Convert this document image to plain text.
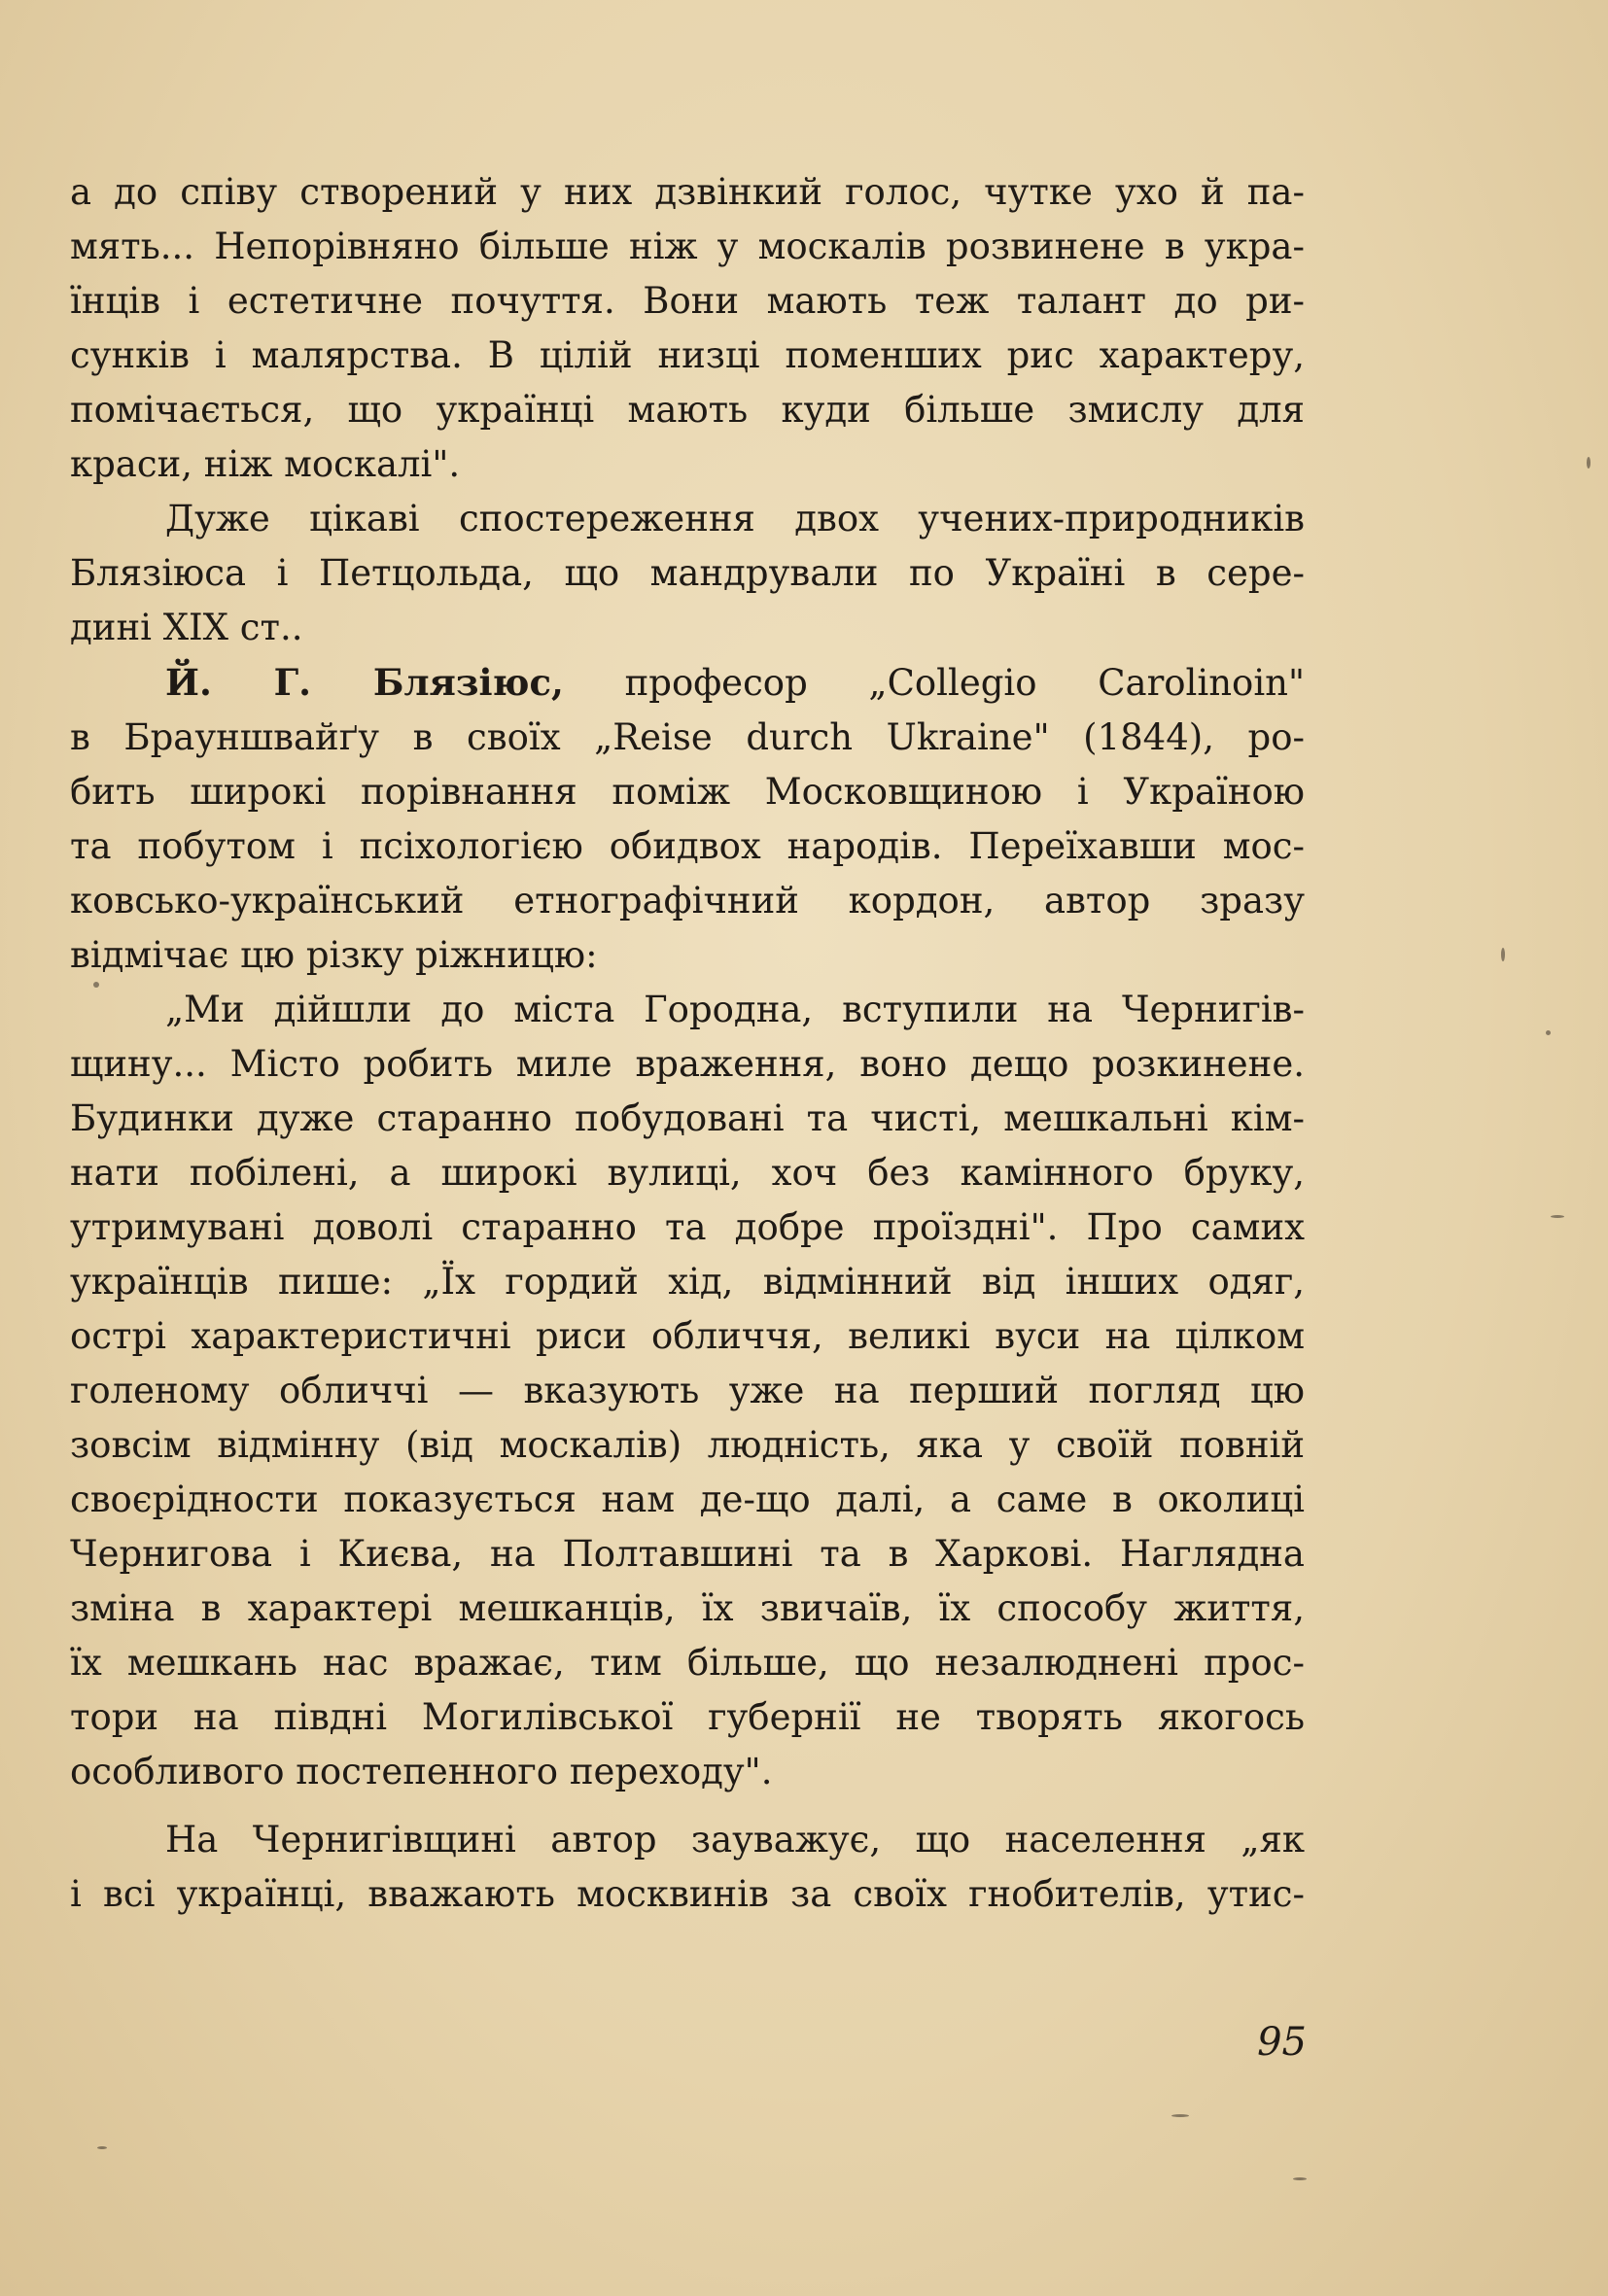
а до співу створений у них дзвінкий голос, чутке ухо й па-
мять... Непорівняно більше ніж у москалів розвинене в укра-
їнців і естетичне почуття. Вони мають теж талант до ри-
сунків і малярства. В цілій низці поменших рис характеру,
помічається, що українці мають куди більше змислу для
краси, ніж москалі".

Дуже цікаві спостереження двох учених-природників
Блязіюса і Петцольда, що мандрували по Україні в сере-
дині XIX ст..

Й. Г. Блязіюс, професор „Collegio Carolinoin"
в Брауншвайґу в своїх „Reise durch Ukraine" (1844), ро-
бить широкі порівнання поміж Московщиною і Україною
та побутом і псіхологією обидвох народів. Переїхавши мос-
ковсько-український етнографічний кордон, автор зразу
відмічає цю різку ріжницю:

„Ми дійшли до міста Городна, вступили на Чернигів-
щину... Місто робить миле враження, воно дещо розкинене.
Будинки дуже старанно побудовані та чисті, мешкальні кім-
нати побілені, а широкі вулиці, хоч без камінного бруку,
утримувані доволі старанно та добре проїздні". Про самих
українців пише: „Їх гордий хід, відмінний від інших одяг,
острі характеристичні риси обличчя, великі вуси на цілком
голеному обличчі — вказують уже на перший погляд цю
зовсім відмінну (від москалів) людність, яка у своїй повній
своєрідности показується нам де-що далі, а саме в околиці
Чернигова і Києва, на Полтавшині та в Харкові. Наглядна
зміна в характері мешканців, їх звичаїв, їх способу життя,
їх мешкань нас вражає, тим більше, що незалюднені прос-
тори на півдні Могилівської губернії не творять якогось
особливого постепенного переходу".

На Чернигівщині автор зауважує, що населення „як
і всі українці, вважають москвинів за своїх гнобителів, утис-

95
